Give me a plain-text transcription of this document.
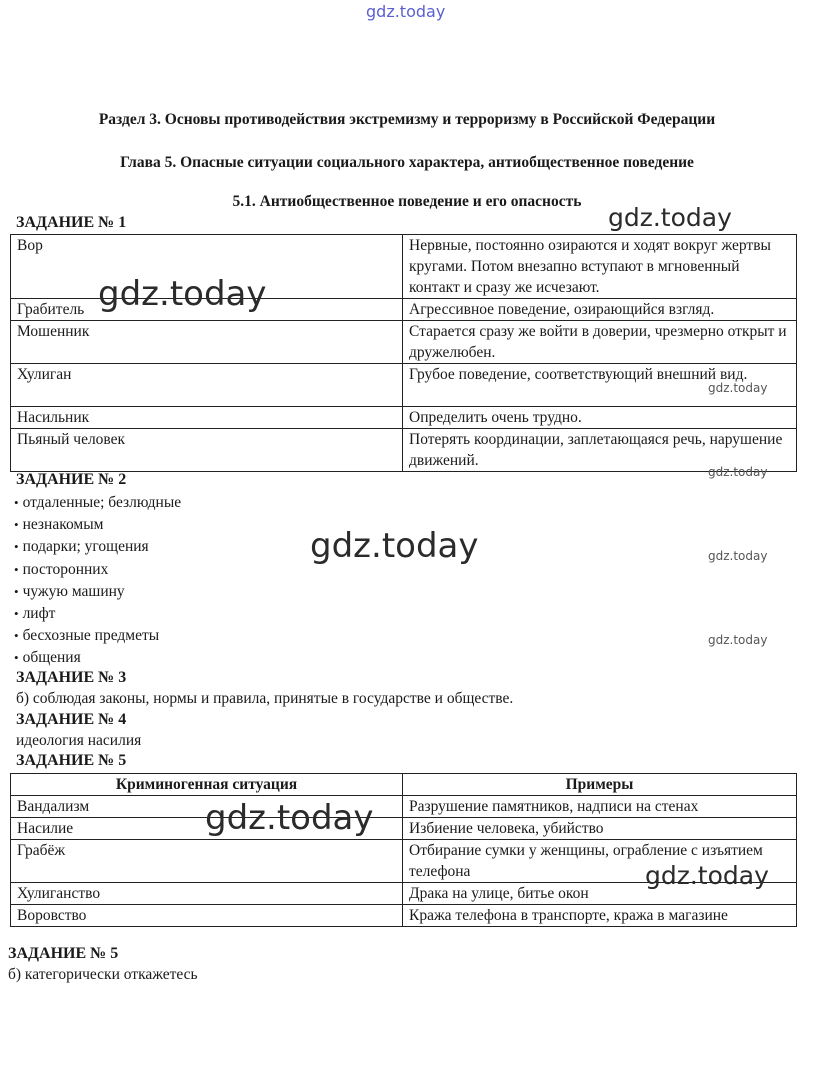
gdz.today
Раздел 3. Основы противодействия экстремизму и терроризму в Российской Федерации
Глава 5. Опасные ситуации социального характера, антиобщественное поведение
5.1. Антиобщественное поведение и его опасность
ЗАДАНИЕ № 1
Вор	Нервные, постоянно озираются и ходят вокруг жертвы кругами. Потом внезапно вступают в мгновенный контакт и сразу же исчезают.
Грабитель	Агрессивное поведение, озирающийся взгляд.
Мошенник	Старается сразу же войти в доверии, чрезмерно открыт и дружелюбен.
Хулиган	Грубое поведение, соответствующий внешний вид.
Насильник	Определить очень трудно.
Пьяный человек	Потерять координации, заплетающаяся речь, нарушение движений.
ЗАДАНИЕ № 2
• отдаленные; безлюдные
• незнакомым
• подарки; угощения
• посторонних
• чужую машину
• лифт
• бесхозные предметы
• общения
ЗАДАНИЕ № 3
б) соблюдая законы, нормы и правила, принятые в государстве и обществе.
ЗАДАНИЕ № 4
идеология насилия
ЗАДАНИЕ № 5
Криминогенная ситуация	Примеры
Вандализм	Разрушение памятников, надписи на стенах
Насилие	Избиение человека, убийство
Грабёж	Отбирание сумки у женщины, ограбление с изъятием телефона
Хулиганство	Драка на улице, битье окон
Воровство	Кража телефона в транспорте, кража в магазине
ЗАДАНИЕ № 5
б) категорически откажетесь
gdz.today
gdz.today
gdz.today
gdz.today
gdz.today	gdz.today
gdz.today
gdz.today
gdz.today
